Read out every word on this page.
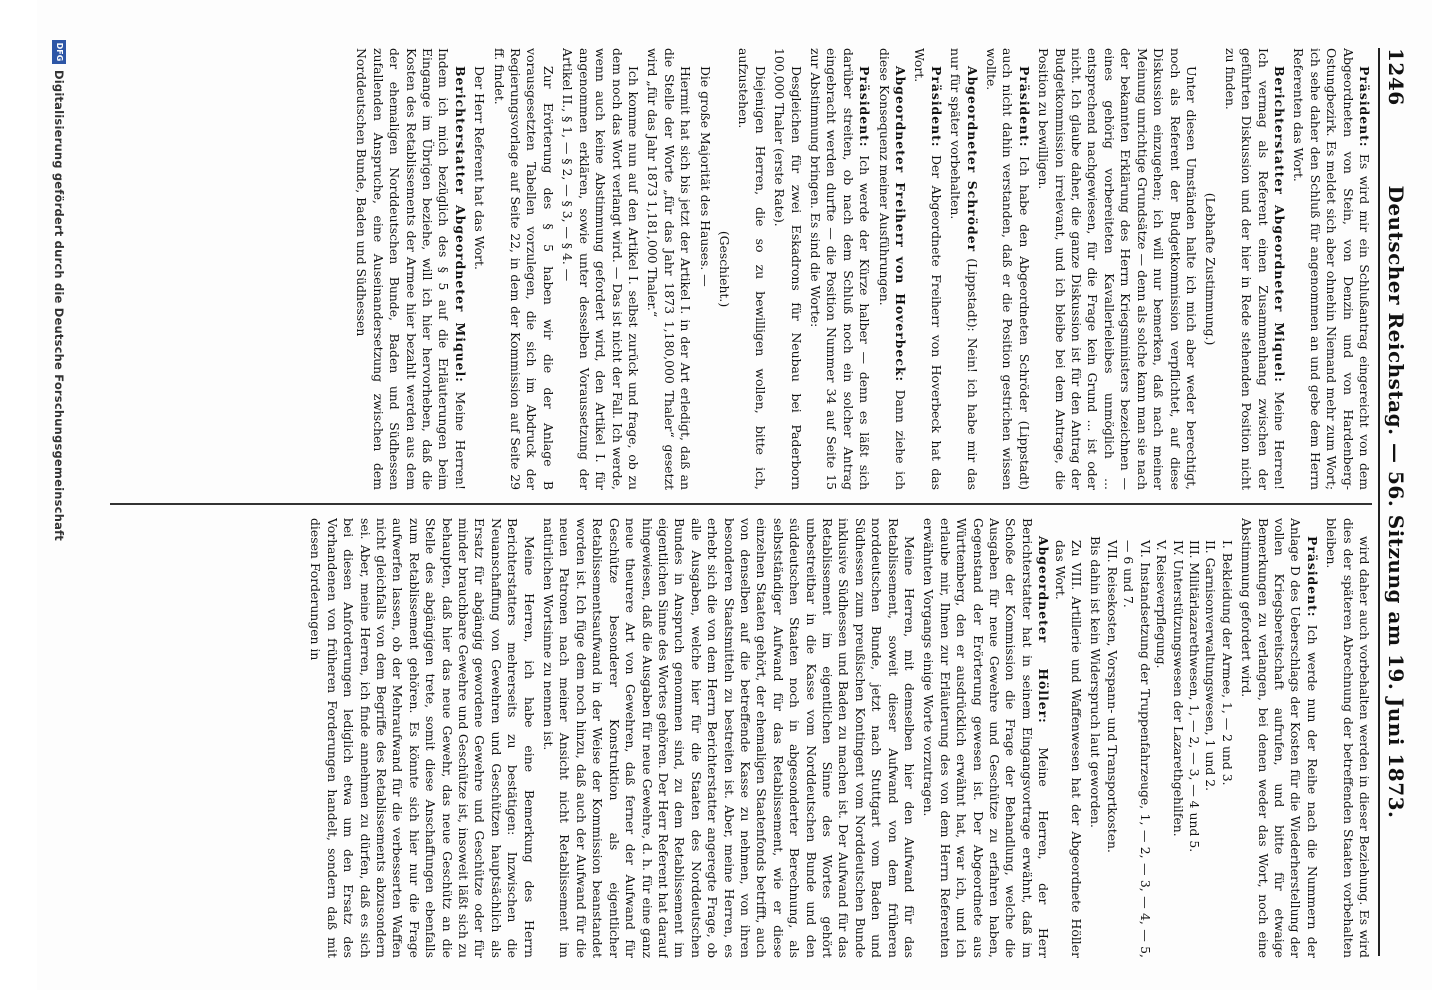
1246
Deutscher Reichstag. — 56. Sitzung am 19. Juni 1873.

Präsident: Es wird mir ein Schlußantrag eingereicht von dem Abgeordneten von Stein, von Denzin und von Hardenberg-Ostungbezirk. Es meldet sich aber ohnehin Niemand mehr zum Wort; ich sehe daher den Schluß für angenommen an und gebe dem Herrn Referenten das Wort.

Berichterstatter Abgeordneter Miquel: Meine Herren! Ich vermag als Referent einen Zusammenhang zwischen der geführten Diskussion und der hier in Rede stehenden Position nicht zu finden.

(Lebhafte Zustimmung.)

Unter diesen Umständen halte ich mich aber weder berechtigt, noch als Referent der Budgetkommission verpflichtet, auf diese Diskussion einzugehen; ich will nur bemerken, daß nach meiner Meinung unrichtige Grundsätze — denn als solche kann man sie nach der bekannten Erklärung des Herrn Kriegsministers bezeichnen — eines gehörig vorbereiteten Kavallerieleibes unmöglich ... entsprechend nachgewiesen, für die Frage kein Grund ... ist oder nicht. Ich glaube daher, die ganze Diskussion ist für den Antrag der Budgetkommission irrelevant, und ich bleibe bei dem Antrage, die Position zu bewilligen.

Präsident: Ich habe den Abgeordneten Schröder (Lippstadt) auch nicht dahin verstanden, daß er die Position gestrichen wissen wollte.

Abgeordneter Schröder (Lippstadt): Nein! ich habe mir das nur für später vorbehalten.

Präsident: Der Abgeordnete Freiherr von Hoverbeck hat das Wort.

Abgeordneter Freiherr von Hoverbeck: Dann ziehe ich diese Konsequenz meiner Ausführungen.

Präsident: Ich werde der Kürze halber — denn es läßt sich darüber streiten, ob nach dem Schluß noch ein solcher Antrag eingebracht werden durfte — die Position Nummer 34 auf Seite 15 zur Abstimmung bringen. Es sind die Worte:

Desgleichen für zwei Eskadrons für Neubau bei Paderborn 100,000 Thaler (erste Rate).

Diejenigen Herren, die so zu bewilligen wollen, bitte ich, aufzustehen.

(Geschieht.)

Die große Majorität des Hauses. —

Hiermit hat sich bis jetzt der Artikel I. in der Art erledigt, daß an die Stelle der Worte „für das Jahr 1873 1,180,000 Thaler“ gesetzt wird „für das Jahr 1873 1,181,000 Thaler.“

Ich komme nun auf den Artikel I. selbst zurück und frage, ob zu dem noch das Wort verlangt wird. — Das ist nicht der Fall. Ich werde, wenn auch keine Abstimmung gefordert wird, den Artikel I. für angenommen erklären, sowie unter desselben Voraussetzung der Artikel II., § 1, — § 2, — § 3, — § 4. —

Zur Erörterung des § 5 haben wir die der Anlage B vorausgesetzten Tabellen vorzulegen, die sich im Abdruck der Regierungsvorlage auf Seite 22, in dem der Kommission auf Seite 29 ff. findet.

Der Herr Referent hat das Wort.

Berichterstatter Abgeordneter Miquel: Meine Herren! Indem ich mich bezüglich des § 5 auf die Erläuterungen beim Eingange im Übrigen beziehe, will ich hier hervorheben, daß die Kosten des Retablissements der Armee hier bezahlt werden aus dem der ehemaligen Norddeutschen Bunde, Baden und Südhessen zufallenden Anspruche, eine Auseinandersetzung zwischen dem Norddeutschen Bunde, Baden und Südhessen

wird daher auch vorbehalten werden in dieser Beziehung. Es wird dies der späteren Abrechnung der betreffenden Staaten vorbehalten bleiben.

Präsident: Ich werde nun der Reihe nach die Nummern der Anlage D des Ueberschlags der Kosten für die Wiederherstellung der vollen Kriegsbereitschaft aufrufen, und bitte für etwaige Bemerkungen zu verlangen, bei denen weder das Wort, noch eine Abstimmung gefordert wird.

I. Bekleidung der Armee, 1, — 2 und 3.

II. Garnisonverwaltungswesen, 1 und 2.

III. Militärlazarethwesen, 1, — 2, — 3, — 4 und 5.

IV. Unterstützungswesen der Lazarethgehilfen.

V. Reiseverpflegung.

VI. Instandsetzung der Truppenfahrzeuge, 1, — 2, — 3, — 4, — 5, — 6 und 7.

VII. Reisekosten, Vorspann- und Transportkosten.

Bis dahin ist kein Widerspruch laut geworden.

Zu VIII. Artillerie und Waffenwesen hat der Abgeordnete Höller das Wort.

Abgeordneter Höller: Meine Herren, der Herr Berichterstatter hat in seinem Eingangsvortrage erwähnt, daß im Schoße der Kommission die Frage der Behandlung, welche die Ausgaben für neue Gewehre und Geschütze zu erfahren haben, Gegenstand der Erörterung gewesen ist. Der Abgeordnete aus Württemberg, den er ausdrücklich erwähnt hat, war ich, und ich erlaube mir, Ihnen zur Erläuterung des von dem Herrn Referenten erwähnten Vorgangs einige Worte vorzutragen.

Meine Herren, mit demselben hier den Aufwand für das Retablissement, soweit dieser Aufwand von dem früheren norddeutschen Bunde, jetzt nach Stuttgart vom Baden und Südhessen zum preußischen Kontingent vom Norddeutschen Bunde inklusive Südhessen und Baden zu machen ist. Der Aufwand für das Retablissement im eigentlichen Sinne des Wortes gehört unbestreitbar in die Kasse vom Norddeutschen Bunde und den süddeutschen Staaten noch in abgesonderter Berechnung, als selbstständiger Aufwand für das Retablissement, wie er diese einzelnen Staaten gehört, der ehemaligen Staatenfonds betrifft, auch von denselben auf die betreffende Kasse zu nehmen, von ihren besonderen Staatsmitteln zu bestreiten ist. Aber, meine Herren, es erhebt sich die von dem Herrn Berichterstatter angeregte Frage, ob alle Ausgaben, welche hier für die Staaten des Norddeutschen Bundes in Anspruch genommen sind, zu dem Retablissement im eigentlichen Sinne des Wortes gehören. Der Herr Referent hat darauf hingewiesen, daß die Ausgaben für neue Gewehre, d. h. für eine ganz neue theurere Art von Gewehren, daß ferner der Aufwand für Geschütze besonderer Konstruktion als eigentlicher Retablissementsaufwand in der Weise der Kommission beanstandet worden ist. Ich füge dem noch hinzu, daß auch der Aufwand für die neuen Patronen nach meiner Ansicht nicht Retablissement im natürlichen Wortsinne zu nennen ist.

Meine Herren, ich habe eine Bemerkung des Herrn Berichterstatters mehrerseits zu bestätigen: Inzwischen die Neuanschaffung von Gewehren und Geschützen hauptsächlich als Ersatz für abgängig gewordene Gewehre und Geschütze oder für minder brauchbare Gewehre und Geschütze ist, insoweit läßt sich zu behaupten, daß hier das neue Gewehr, das neue Geschütz an die Stelle des abgängigen trete, somit diese Anschaffungen ebenfalls zum Retablissement gehören. Es könnte sich hier nur die Frage aufwerfen lassen, ob der Mehraufwand für die verbesserten Waffen nicht gleichfalls von dem Begriffe des Retablissements abzusondern sei. Aber, meine Herren, ich finde annehmen zu dürfen, daß es sich bei diesen Anforderungen lediglich etwa um den Ersatz des Vorhandenen von früheren Forderungen handelt, sondern daß mit diesen Forderungen in

DFG
Digitalisierung gefördert durch die Deutsche Forschungsgemeinschaft
